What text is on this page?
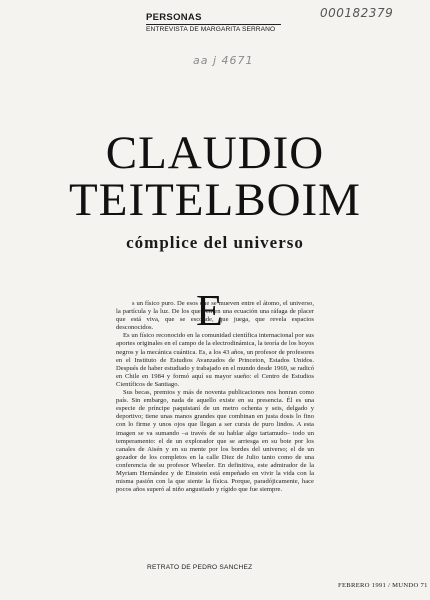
PERSONAS
ENTREVISTA DE MARGARITA SERRANO
000182379
aa j 4671
CLAUDIO
TEITELBOIM
cómplice del universo
E

s un físico puro. De esos que se mueven entre el átomo, el universo, la partícula y la luz. De los que ven en una ecuación una ráfaga de placer que está viva, que se esconde, que juega, que revela espacios desconocidos.

Es un físico reconocido en la comunidad científica internacional por sus aportes originales en el campo de la electrodinámica, la teoría de los hoyos negros y la mecánica cuántica. Es, a los 43 años, un profesor de profesores en el Instituto de Estudios Avanzados de Princeton, Estados Unidos. Después de haber estudiado y trabajado en el mundo desde 1969, se radicó en Chile en 1984 y formó aquí su mayor sueño: el Centro de Estudios Científicos de Santiago.

Sus becas, premios y más de noventa publicaciones nos honran como país. Sin embargo, nada de aquello existe en su presencia. Él es una especie de príncipe paquistaní de un metro ochenta y seis, delgado y deportivo; tiene unas manos grandes que combinan en justa dosis lo fino con lo firme y unos ojos que llegan a ser cursis de puro lindos. A esta imagen se va sumando –a través de su hablar algo tartamudo– todo un temperamento: el de un explorador que se arriesga en su bote por los canales de Aisén y en su mente por los bordes del universo; el de un gozador de los completos en la calle Diez de Julio tanto como de una conferencia de su profesor Wheeler. En definitiva, este admirador de la Myriam Hernández y de Einstein está empeñado en vivir la vida con la misma pasión con la que siente la física. Porque, paradójicamente, hace pocos años superó al niño angustiado y rígido que fue siempre.

RETRATO DE PEDRO SANCHEZ
FEBRERO 1991 / MUNDO 71
